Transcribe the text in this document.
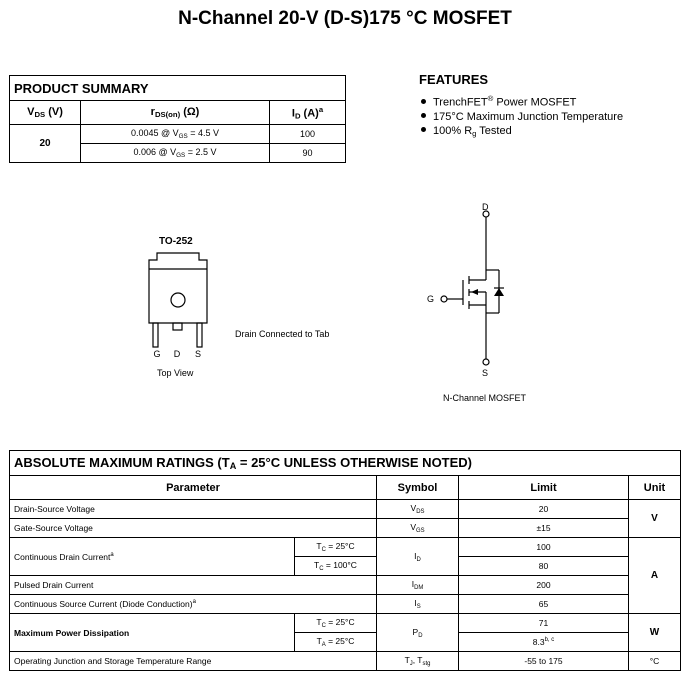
N-Channel 20-V (D-S)175 °C MOSFET
PRODUCT SUMMARY		
$V_{DS}$ (V)	$r_{DS(on)}$ (Ω)	$I_D$ $(A)^a$
20	0.0045 @ $V_{GS} = 4.5$ V	100
	0.006 @ $V_{GS} = 2.5$ V	90
FEATURES
TrenchFET® Power MOSFET
175°C Maximum Junction Temperature
100% $R_g$ Tested
TO-252
G D S
Top View
Drain Connected to Tab
D
G
S
N-Channel MOSFET
ABSOLUTE MAXIMUM RATINGS ($T_A = 25^\circ C$ UNLESS OTHERWISE NOTED)				
Parameter		Symbol	Limit	Unit
Drain-Source Voltage		$V_{DS}$	20	V
Gate-Source Voltage		$V_{GS}$	±15	
Continuous Drain Current$^a$	$T_C = 25^\circ C$	$I_D$	100	A
	$T_C = 100^\circ C$		80	
Pulsed Drain Current		$I_{DM}$	200	
Continuous Source Current (Diode Conduction)$^a$		$I_S$	65	
Maximum Power Dissipation	$T_C = 25^\circ C$	$P_D$	71	W
	$T_A = 25^\circ C$		8.3$^{b, c}$
Operating Junction and Storage Temperature Range		$T_J$, $T_{stg}$	-55 to 175	°C
